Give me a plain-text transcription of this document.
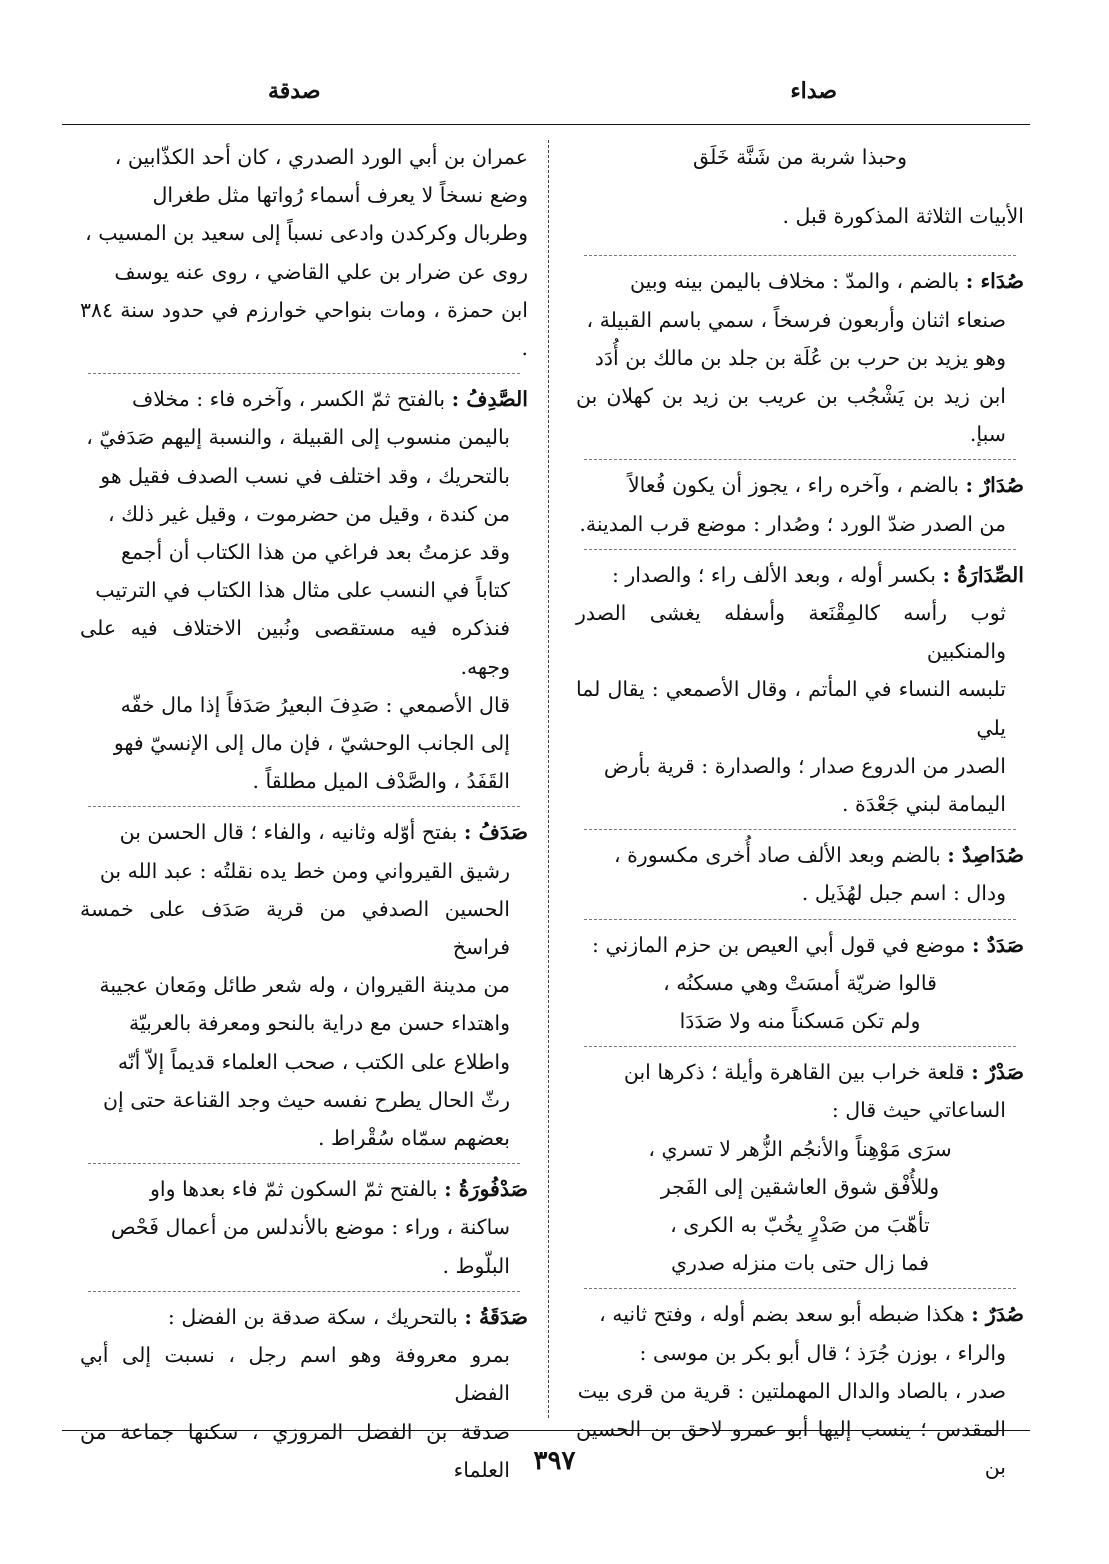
صداء
صدقة

وحبذا شربة من شَنَّة خَلَق

الأبيات الثلاثة المذكورة قبل .

صُدَاء : بالضم ، والمدّ : مخلاف باليمن بينه وبين

صنعاء اثنان وأربعون فرسخاً ، سمي باسم القبيلة ،

وهو يزيد بن حرب بن عُلَة بن جلد بن مالك بن أُدَد

ابن زيد بن يَشْجُب بن عريب بن زيد بن كهلان بن سبإ.

صُدَارٌ : بالضم ، وآخره راء ، يجوز أن يكون فُعالاً

من الصدر ضدّ الورد ؛ وصُدار : موضع قرب المدينة.

الصِّدَارَةُ : بكسر أوله ، وبعد الألف راء ؛ والصدار :

ثوب رأسه كالمِقْنَعة وأسفله يغشى الصدر والمنكبين

تلبسه النساء في المأتم ، وقال الأصمعي : يقال لما يلي

الصدر من الدروع صدار ؛ والصدارة : قرية بأرض

اليمامة لبني جَعْدَة .

صُدَاصِدٌ : بالضم وبعد الألف صاد أُخرى مكسورة ،

ودال : اسم جبل لهُذَيل .

صَدَدٌ : موضع في قول أبي العيص بن حزم المازني :

قالوا ضريّة أمسَتْ وهي مسكنُه ،

ولم تكن مَسكناً منه ولا صَدَدَا

صَدْرٌ : قلعة خراب بين القاهرة وأيلة ؛ ذكرها ابن

الساعاتي حيث قال :

سرَى مَوْهِناً والأنجُم الزُّهر لا تسري ،

وللأُفْق شوق العاشقين إلى الفَجر

تأهّبَ من صَدْرٍ يخُبّ به الكرى ،

فما زال حتى بات منزله صدري

صُدَرٌ : هكذا ضبطه أبو سعد بضم أوله ، وفتح ثانيه ،

والراء ، بوزن جُرَذ ؛ قال أبو بكر بن موسى :

صدر ، بالصاد والدال المهملتين : قرية من قرى بيت

المقدس ؛ ينسب إليها أبو عمرو لاحق بن الحسين بن

عمران بن أبي الورد الصدري ، كان أحد الكذّابين ،

وضع نسخاً لا يعرف أسماء رُواتها مثل طغرال

وطربال وكركدن وادعى نسباً إلى سعيد بن المسيب ،

روى عن ضرار بن علي القاضي ، روى عنه يوسف

ابن حمزة ، ومات بنواحي خوارزم في حدود سنة ٣٨٤ .

الصَّدِفُ : بالفتح ثمّ الكسر ، وآخره فاء : مخلاف

باليمن منسوب إلى القبيلة ، والنسبة إليهم صَدَفيّ ،

بالتحريك ، وقد اختلف في نسب الصدف فقيل هو

من كندة ، وقيل من حضرموت ، وقيل غير ذلك ،

وقد عزمتُ بعد فراغي من هذا الكتاب أن أجمع

كتاباً في النسب على مثال هذا الكتاب في الترتيب

فنذكره فيه مستقصى ونُبين الاختلاف فيه على وجهه.

قال الأصمعي : صَدِفَ البعيرُ صَدَفاً إذا مال خفّه

إلى الجانب الوحشيّ ، فإن مال إلى الإنسيّ فهو

القَفَدُ ، والصَّدْف الميل مطلقاً .

صَدَفُ : بفتح أوّله وثانيه ، والفاء ؛ قال الحسن بن

رشيق القيرواني ومن خط يده نقلتُه : عبد الله بن

الحسين الصدفي من قرية صَدَف على خمسة فراسخ

من مدينة القيروان ، وله شعر طائل ومَعان عجيبة

واهتداء حسن مع دراية بالنحو ومعرفة بالعربيّة

واطلاع على الكتب ، صحب العلماء قديماً إلاّ أنّه

رثّ الحال يطرح نفسه حيث وجد القناعة حتى إن

بعضهم سمّاه سُقْراط .

صَدْفُورَةُ : بالفتح ثمّ السكون ثمّ فاء بعدها واو

ساكنة ، وراء : موضع بالأندلس من أعمال فَحْص

البلّوط .

صَدَقَةُ : بالتحريك ، سكة صدقة بن الفضل :

بمرو معروفة وهو اسم رجل ، نسبت إلى أبي الفضل

صدقة بن الفضل المروزي ، سكنها جماعة من العلماء ٣٩٧
